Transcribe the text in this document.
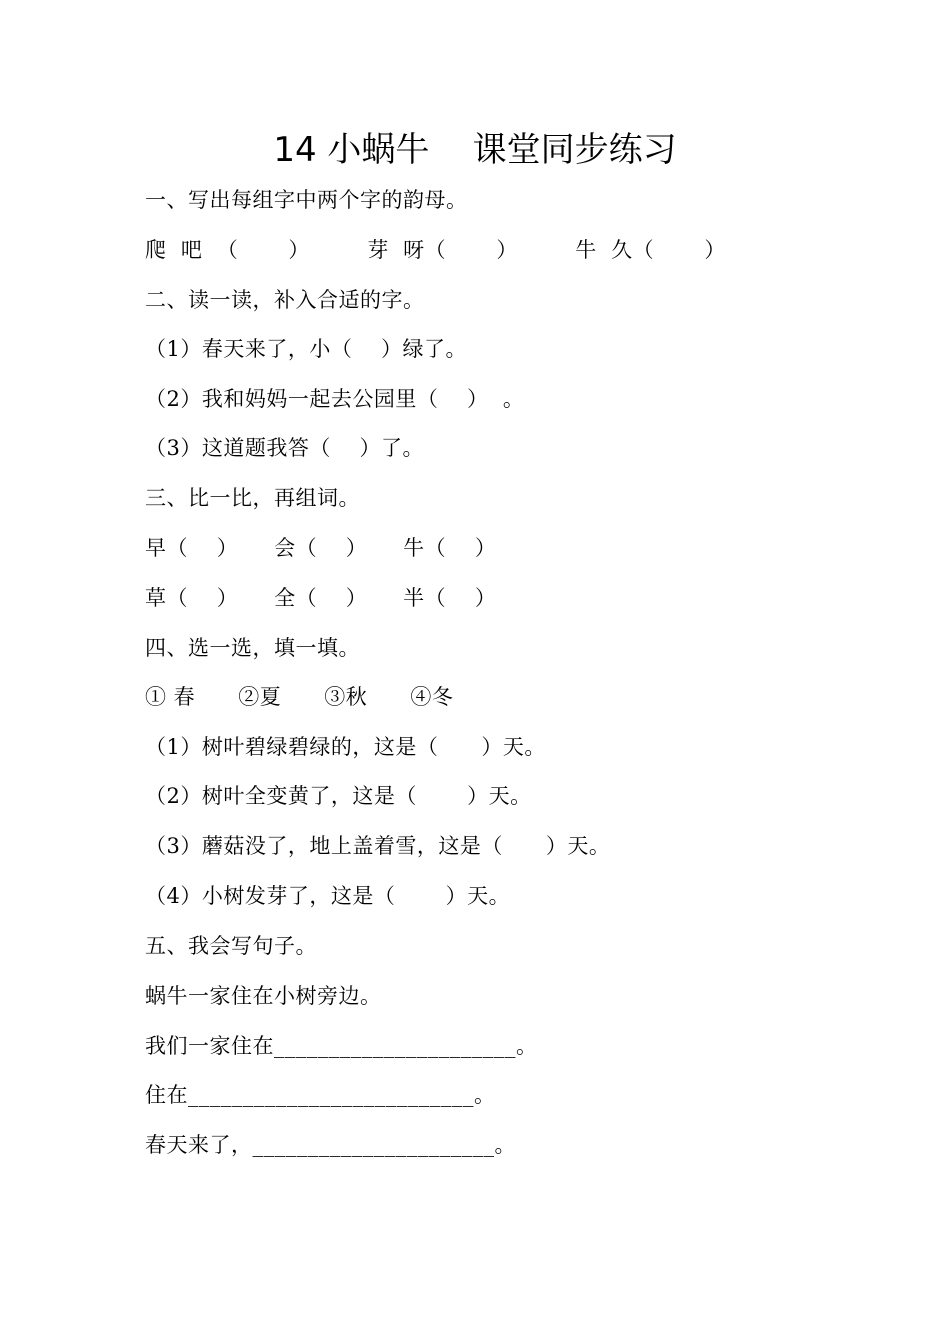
14 小蜗牛    课堂同步练习
一、写出每组字中两个字的韵母。
爬  吧  （       ）        芽  呀（       ）        牛  久（       ）
二、读一读，补入合适的字。
（1）春天来了，小（    ）绿了。
（2）我和妈妈一起去公园里（    ）  。
（3）这道题我答（    ）了。
三、比一比，再组词。
早（    ）     会（    ）     牛（    ）
草（    ）     全（    ）     半（    ）
四、选一选，填一填。
① 春      ②夏      ③秋      ④冬
（1）树叶碧绿碧绿的，这是（      ）天。
（2）树叶全变黄了，这是（       ）天。
（3）蘑菇没了，地上盖着雪，这是（      ）天。
（4）小树发芽了，这是（       ）天。
五、我会写句子。
蜗牛一家住在小树旁边。
我们一家住在______________________。
住在__________________________。
春天来了，______________________。
